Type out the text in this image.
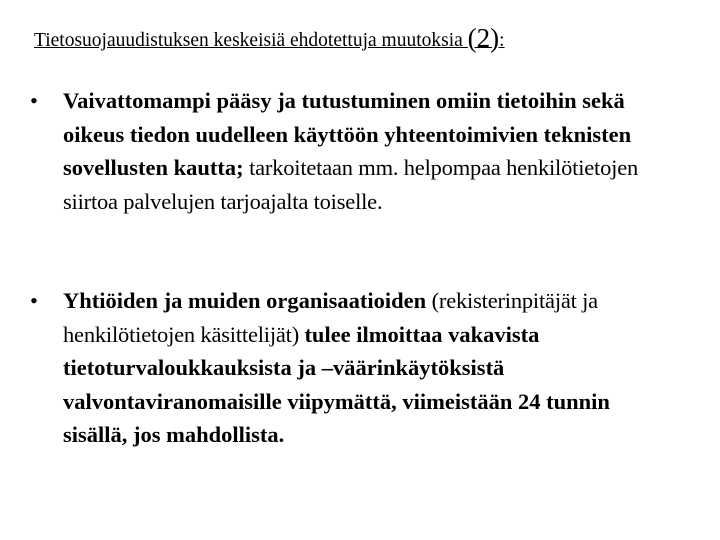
Tietosuojauudistuksen keskeisiä ehdotettuja muutoksia (2):
•	Vaivattomampi pääsy ja tutustuminen omiin tietoihin sekä oikeus tiedon uudelleen käyttöön yhteentoimivien teknisten sovellusten kautta; tarkoitetaan mm. helpompaa henkilötietojen siirtoa palvelujen tarjoajalta toiselle.
•	Yhtiöiden ja muiden organisaatioiden (rekisterinpitäjät ja henkilötietojen käsittelijät) tulee ilmoittaa vakavista tietoturvaloukkauksista ja –väärinkäytöksistä valvontaviranomaisille viipymättä, viimeistään 24 tunnin sisällä, jos mahdollista.
